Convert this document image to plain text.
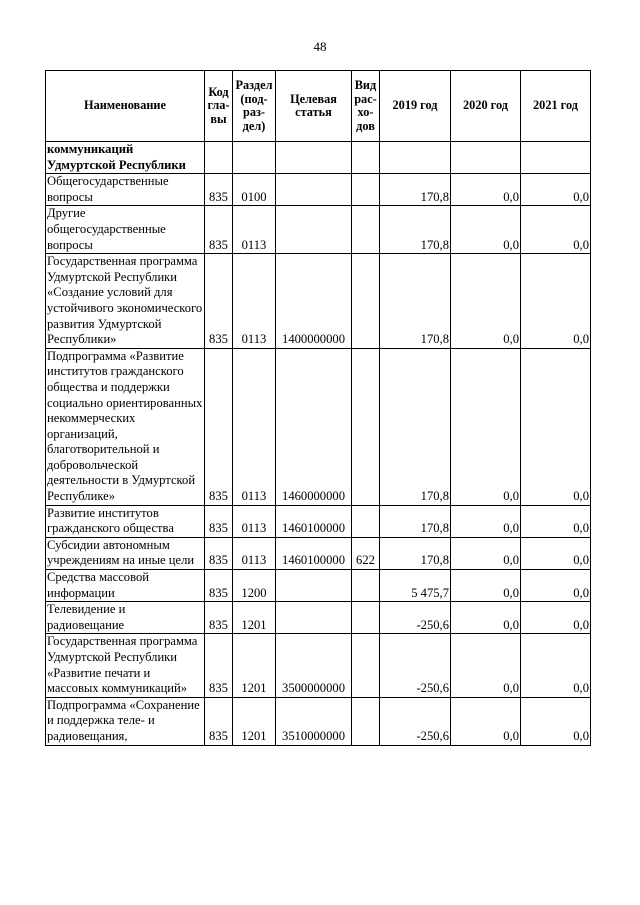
48
Наименование	Код гла- вы	Раздел (под- раз- дел)	Целевая статья	Вид рас- хо- дов	2019 год	2020 год	2021 год
коммуникаций Удмуртской Республики							
Общегосударственные вопросы	835	0100			170,8	0,0	0,0
Другие общегосударственные вопросы	835	0113			170,8	0,0	0,0
Государственная программа Удмуртской Республики «Создание условий для устойчивого экономического развития Удмуртской Республики»	835	0113	1400000000		170,8	0,0	0,0
Подпрограмма «Развитие институтов гражданского общества и поддержки социально ориентированных некоммерческих организаций, благотворительной и добровольческой деятельности в Удмуртской Республике»	835	0113	1460000000		170,8	0,0	0,0
Развитие институтов гражданского общества	835	0113	1460100000		170,8	0,0	0,0
Субсидии автономным учреждениям на иные цели	835	0113	1460100000	622	170,8	0,0	0,0
Средства массовой информации	835	1200			5 475,7	0,0	0,0
Телевидение и радиовещание	835	1201			-250,6	0,0	0,0
Государственная программа Удмуртской Республики «Развитие печати и массовых коммуникаций»	835	1201	3500000000		-250,6	0,0	0,0
Подпрограмма «Сохранение и поддержка теле- и радиовещания,	835	1201	3510000000		-250,6	0,0	0,0
